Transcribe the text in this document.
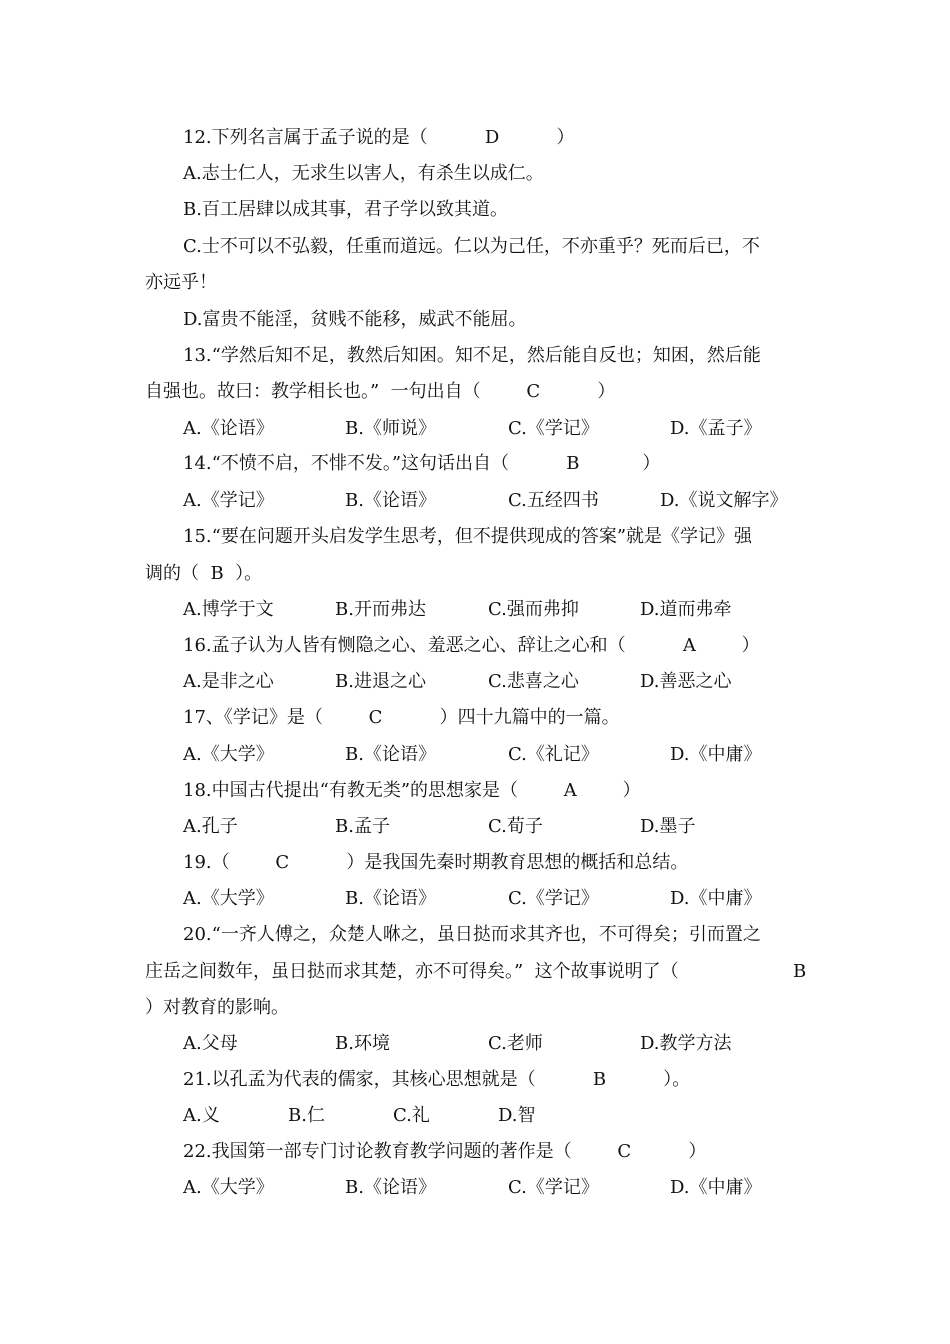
12.下列名言属于孟子说的是（          D          ）
A.志士仁人，无求生以害人，有杀生以成仁。
B.百工居肆以成其事，君子学以致其道。
C.士不可以不弘毅，任重而道远。仁以为己任，不亦重乎？死而后已，不
亦远乎！
D.富贵不能淫，贫贱不能移，威武不能屈。
13.“学然后知不足，教然后知困。知不足，然后能自反也；知困，然后能
自强也。故曰：教学相长也。”  一句出自（        C          ）
A.《论语》	B.《师说》	C.《学记》	D.《孟子》
14.“不愤不启，不悱不发。”这句话出自（          B           ）
A.《学记》	B.《论语》	C.五经四书	D.《说文解字》
15.“要在问题开头启发学生思考，但不提供现成的答案”就是《学记》强
调的（  B  ）。
A.博学于文	B.开而弗达	C.强而弗抑	D.道而弗牵
16.孟子认为人皆有恻隐之心、羞恶之心、辞让之心和（          A        ）
A.是非之心	B.进退之心	C.悲喜之心	D.善恶之心
17、《学记》是（        C          ）四十九篇中的一篇。
A.《大学》	B.《论语》	C.《礼记》	D.《中庸》
18.中国古代提出“有教无类”的思想家是（        A        ）
A.孔子	B.孟子	C.荀子	D.墨子
19.（        C          ）是我国先秦时期教育思想的概括和总结。
A.《大学》	B.《论语》	C.《学记》	D.《中庸》
20.“一齐人傅之，众楚人咻之，虽日挞而求其齐也，不可得矣；引而置之
庄岳之间数年，虽日挞而求其楚，亦不可得矣。”  这个故事说明了（	B
）对教育的影响。
A.父母	B.环境	C.老师	D.教学方法
21.以孔孟为代表的儒家，其核心思想就是（          B          ）。
A.义	B.仁	C.礼	D.智
22.我国第一部专门讨论教育教学问题的著作是（        C          ）
A.《大学》	B.《论语》	C.《学记》	D.《中庸》
